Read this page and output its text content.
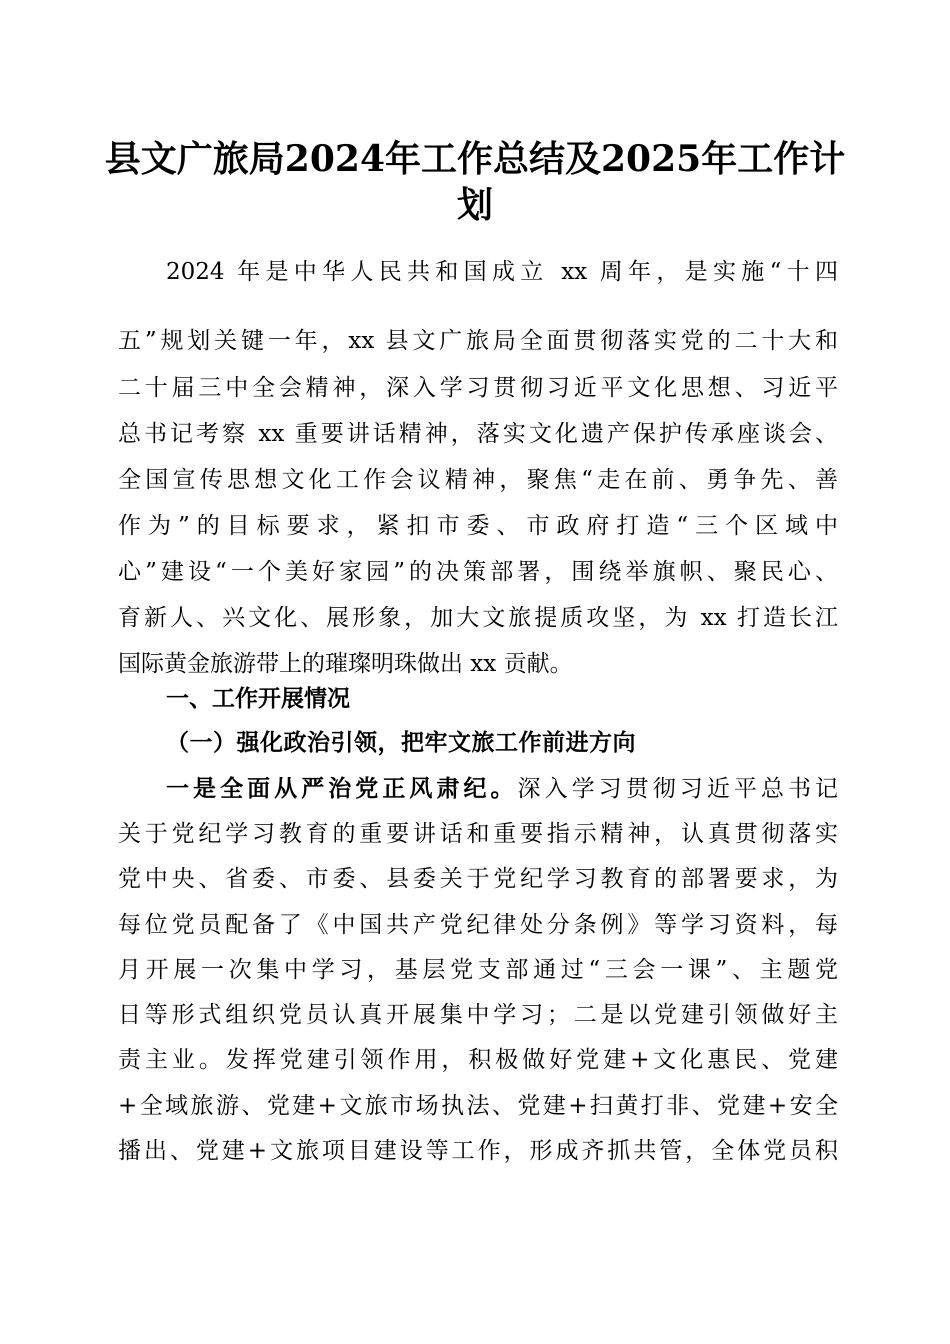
县文广旅局2024年工作总结及2025年工作计
划
2024 年是中华人民共和国成立 xx 周年，是实施“十四
五”规划关键一年，xx 县文广旅局全面贯彻落实党的二十大和
二十届三中全会精神，深入学习贯彻习近平文化思想、习近平
总书记考察 xx 重要讲话精神，落实文化遗产保护传承座谈会、
全国宣传思想文化工作会议精神，聚焦“走在前、勇争先、善
作为”的目标要求，紧扣市委、市政府打造“三个区域中
心”建设“一个美好家园”的决策部署，围绕举旗帜、聚民心、
育新人、兴文化、展形象，加大文旅提质攻坚，为 xx 打造长江
国际黄金旅游带上的璀璨明珠做出 xx 贡献。
一、工作开展情况
（一）强化政治引领，把牢文旅工作前进方向
一是全面从严治党正风肃纪。深入学习贯彻习近平总书记
关于党纪学习教育的重要讲话和重要指示精神，认真贯彻落实
党中央、省委、市委、县委关于党纪学习教育的部署要求，为
每位党员配备了《中国共产党纪律处分条例》等学习资料，每
月开展一次集中学习，基层党支部通过“三会一课”、主题党
日等形式组织党员认真开展集中学习；二是以党建引领做好主
责主业。发挥党建引领作用，积极做好党建+文化惠民、党建
+全域旅游、党建+文旅市场执法、党建+扫黄打非、党建+安全
播出、党建+文旅项目建设等工作，形成齐抓共管，全体党员积
